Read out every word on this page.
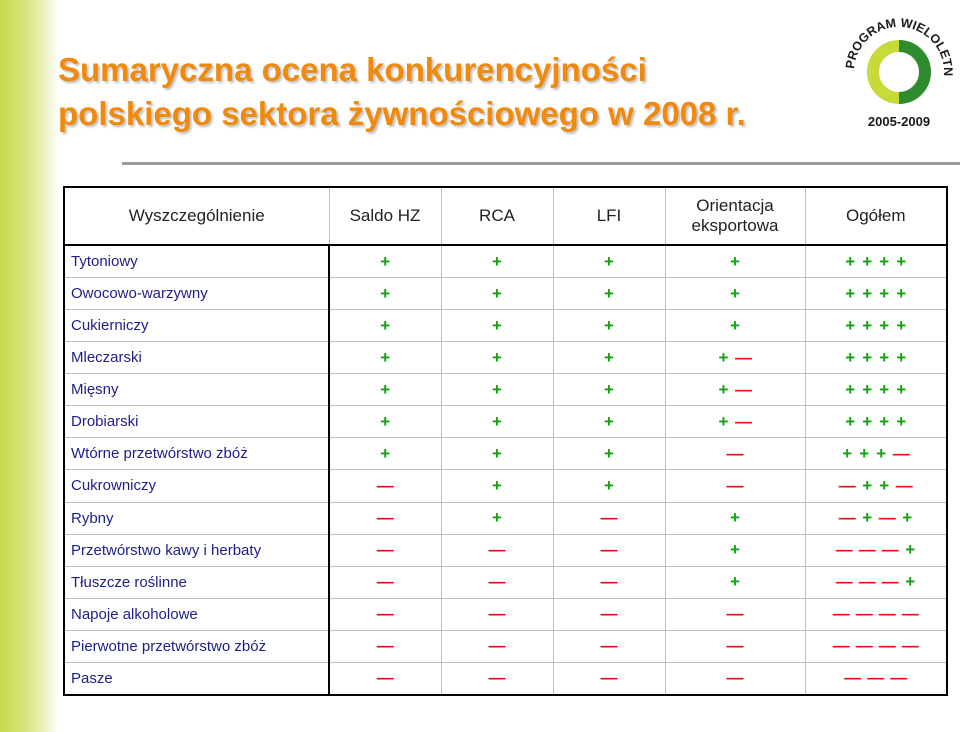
Sumaryczna ocena konkurencyjności
polskiego sektora żywnościowego w 2008 r.
PROGRAM WIELOLETN
2005-2009
Wyszczególnienie	Saldo HZ	RCA	LFI	Orientacja eksportowa	Ogółem
Tytoniowy	+	+	+	+	+ + + +
Owocowo-warzywny	+	+	+	+	+ + + +
Cukierniczy	+	+	+	+	+ + + +
Mleczarski	+	+	+	+ —	+ + + +
Mięsny	+	+	+	+ —	+ + + +
Drobiarski	+	+	+	+ —	+ + + +
Wtórne przetwórstwo zbóż	+	+	+	—	+ + + —
Cukrowniczy	—	+	+	—	— + + —
Rybny	—	+	—	+	— + — +
Przetwórstwo kawy i herbaty	—	—	—	+	— — — +
Tłuszcze roślinne	—	—	—	+	— — — +
Napoje alkoholowe	—	—	—	—	— — — —
Pierwotne przetwórstwo zbóż	—	—	—	—	— — — —
Pasze	—	—	—	—	— — —
